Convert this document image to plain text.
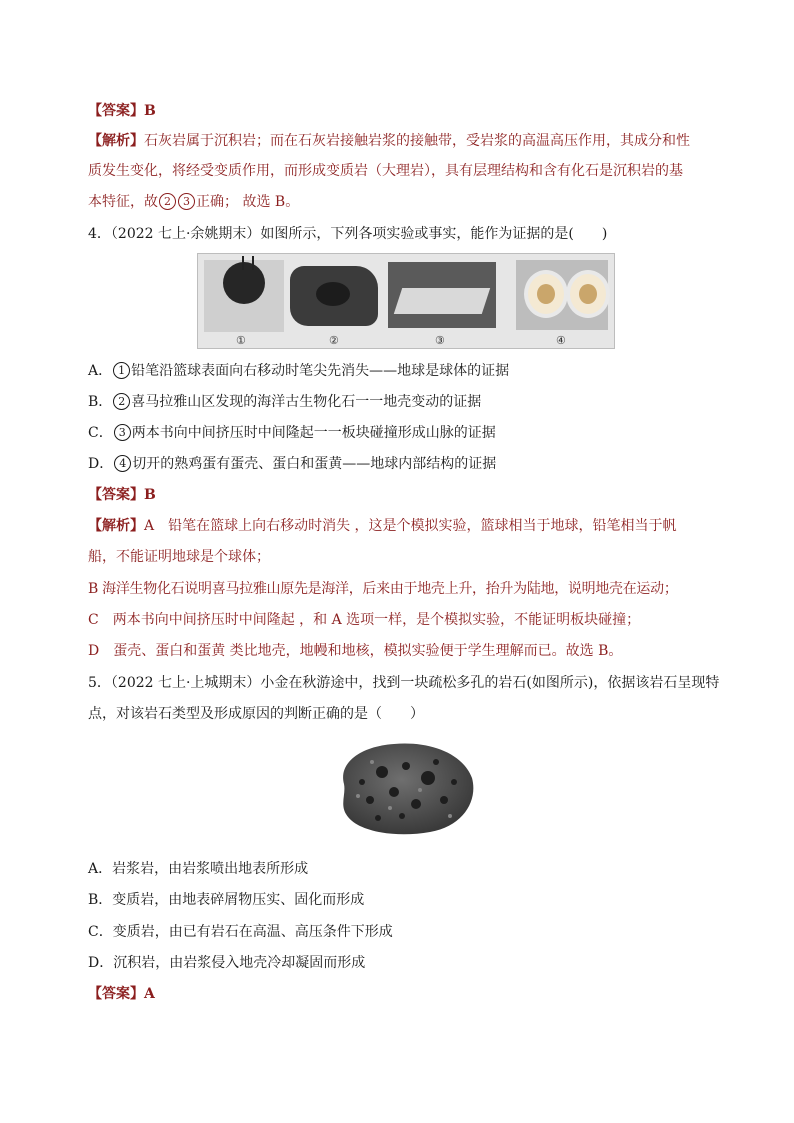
【答案】B
【解析】石灰岩属于沉积岩；而在石灰岩接触岩浆的接触带，受岩浆的高温高压作用，其成分和性
质发生变化，将经受变质作用，而形成变质岩（大理岩），具有层理结构和含有化石是沉积岩的基
本特征，故 2 3 正确； 故选 B。
4．（2022 七上·余姚期末）如图所示，下列各项实验或事实，能作为证据的是(　　)
①	②	③	④
A． 1 铅笔沿篮球表面向右移动时笔尖先消失——地球是球体的证据
B． 2 喜马拉雅山区发现的海洋古生物化石一一地壳变动的证据
C． 3 两本书向中间挤压时中间隆起一一板块碰撞形成山脉的证据
D． 4 切开的熟鸡蛋有蛋壳、蛋白和蛋黄——地球内部结构的证据
【答案】B
【解析】A　铅笔在篮球上向右移动时消失 ，这是个模拟实验，篮球相当于地球，铅笔相当于帆
船，不能证明地球是个球体；
B 海洋生物化石说明喜马拉雅山原先是海洋，后来由于地壳上升，抬升为陆地，说明地壳在运动；
C　两本书向中间挤压时中间隆起 ，和 A 选项一样，是个模拟实验，不能证明板块碰撞；
D　蛋壳、蛋白和蛋黄 类比地壳，地幔和地核，模拟实验便于学生理解而已。故选 B。
5．（2022 七上·上城期末）小金在秋游途中，找到一块疏松多孔的岩石(如图所示)，依据该岩石呈现特
点，对该岩石类型及形成原因的判断正确的是（　　）
A．岩浆岩，由岩浆喷出地表所形成
B．变质岩，由地表碎屑物压实、固化而形成
C．变质岩，由已有岩石在高温、高压条件下形成
D．沉积岩，由岩浆侵入地壳冷却凝固而形成
【答案】A
